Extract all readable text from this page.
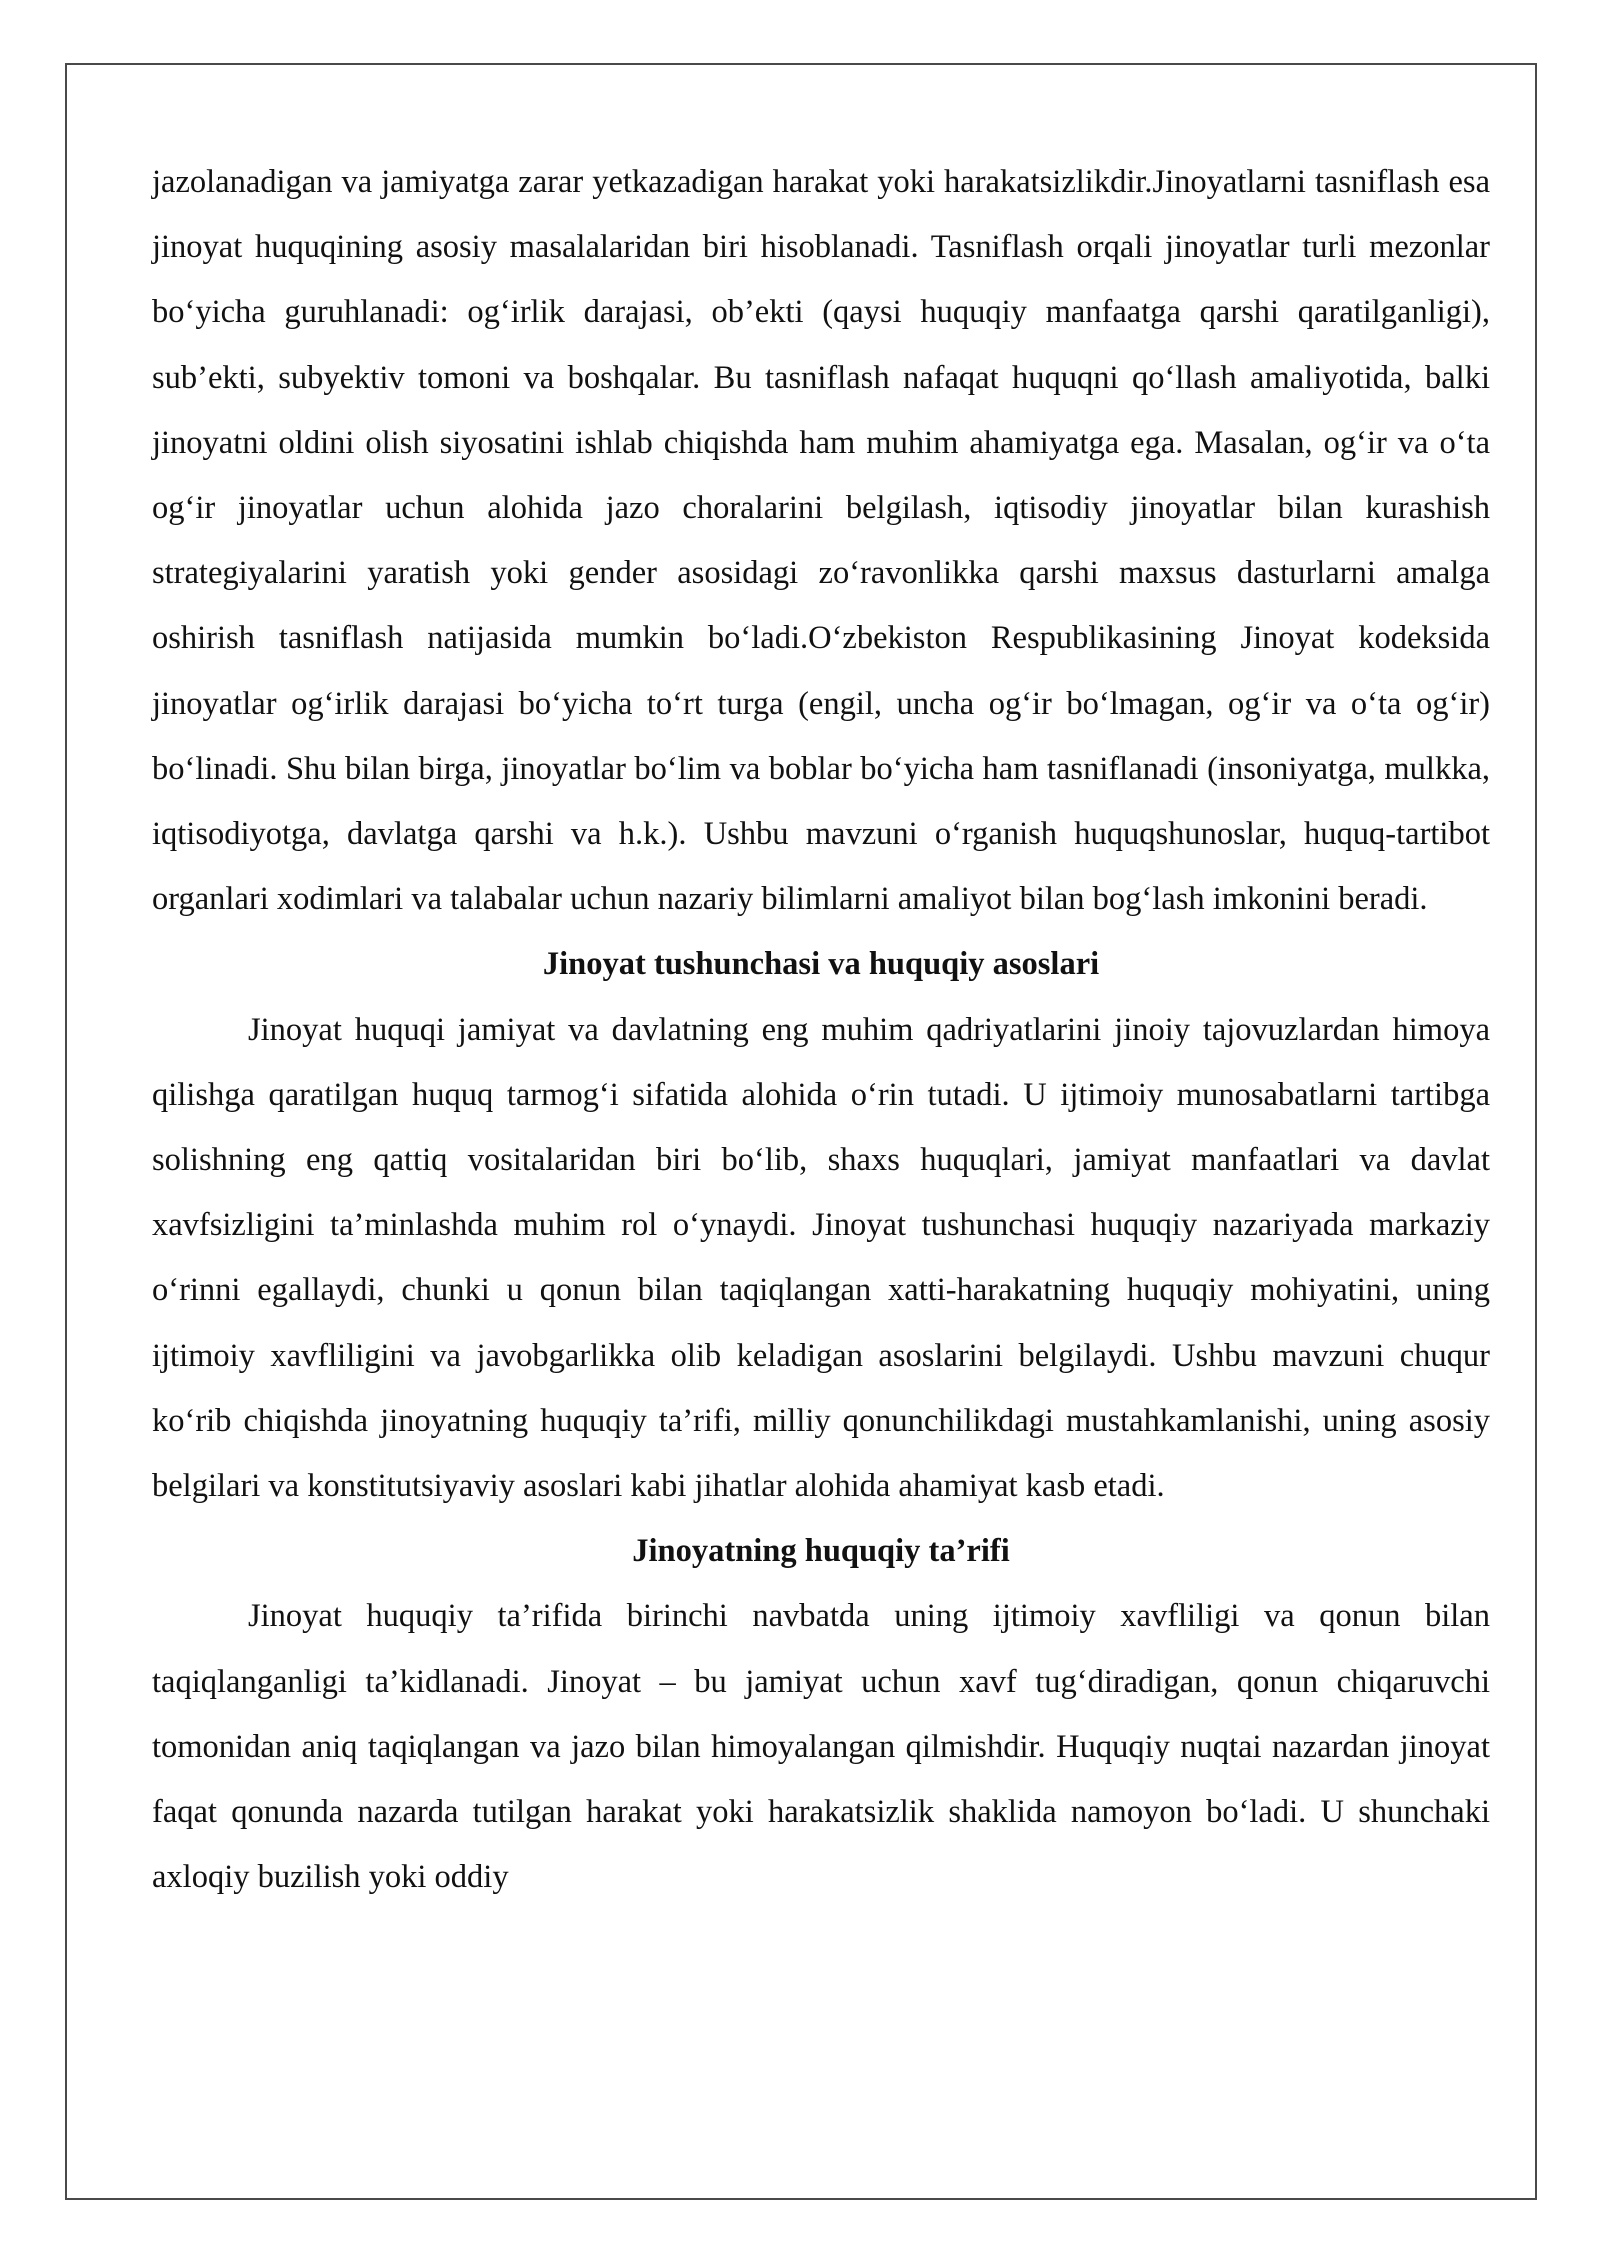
jazolanadigan va jamiyatga zarar yetkazadigan harakat yoki harakatsizlikdir.Jinoyatlarni tasniflash esa jinoyat huquqining asosiy masalalaridan biri hisoblanadi. Tasniflash orqali jinoyatlar turli mezonlar bo‘yicha guruhlanadi: og‘irlik darajasi, ob’ekti (qaysi huquqiy manfaatga qarshi qaratilganligi), sub’ekti, subyektiv tomoni va boshqalar. Bu tasniflash nafaqat huquqni qo‘llash amaliyotida, balki jinoyatni oldini olish siyosatini ishlab chiqishda ham muhim ahamiyatga ega. Masalan, og‘ir va o‘ta og‘ir jinoyatlar uchun alohida jazo choralarini belgilash, iqtisodiy jinoyatlar bilan kurashish strategiyalarini yaratish yoki gender asosidagi zo‘ravonlikka qarshi maxsus dasturlarni amalga oshirish tasniflash natijasida mumkin bo‘ladi.O‘zbekiston Respublikasining Jinoyat kodeksida jinoyatlar og‘irlik darajasi bo‘yicha to‘rt turga (engil, uncha og‘ir bo‘lmagan, og‘ir va o‘ta og‘ir) bo‘linadi. Shu bilan birga, jinoyatlar bo‘lim va boblar bo‘yicha ham tasniflanadi (insoniyatga, mulkka, iqtisodiyotga, davlatga qarshi va h.k.). Ushbu mavzuni o‘rganish huquqshunoslar, huquq-tartibot organlari xodimlari va talabalar uchun nazariy bilimlarni amaliyot bilan bog‘lash imkonini beradi.

Jinoyat tushunchasi va huquqiy asoslari

Jinoyat huquqi jamiyat va davlatning eng muhim qadriyatlarini jinoiy tajovuzlardan himoya qilishga qaratilgan huquq tarmog‘i sifatida alohida o‘rin tutadi. U ijtimoiy munosabatlarni tartibga solishning eng qattiq vositalaridan biri bo‘lib, shaxs huquqlari, jamiyat manfaatlari va davlat xavfsizligini ta’minlashda muhim rol o‘ynaydi. Jinoyat tushunchasi huquqiy nazariyada markaziy o‘rinni egallaydi, chunki u qonun bilan taqiqlangan xatti-harakatning huquqiy mohiyatini, uning ijtimoiy xavfliligini va javobgarlikka olib keladigan asoslarini belgilaydi. Ushbu mavzuni chuqur ko‘rib chiqishda jinoyatning huquqiy ta’rifi, milliy qonunchilikdagi mustahkamlanishi, uning asosiy belgilari va konstitutsiyaviy asoslari kabi jihatlar alohida ahamiyat kasb etadi.

Jinoyatning huquqiy ta’rifi

Jinoyat huquqiy ta’rifida birinchi navbatda uning ijtimoiy xavfliligi va qonun bilan taqiqlanganligi ta’kidlanadi. Jinoyat – bu jamiyat uchun xavf tug‘diradigan, qonun chiqaruvchi tomonidan aniq taqiqlangan va jazo bilan himoyalangan qilmishdir. Huquqiy nuqtai nazardan jinoyat faqat qonunda nazarda tutilgan harakat yoki harakatsizlik shaklida namoyon bo‘ladi. U shunchaki axloqiy buzilish yoki oddiy
